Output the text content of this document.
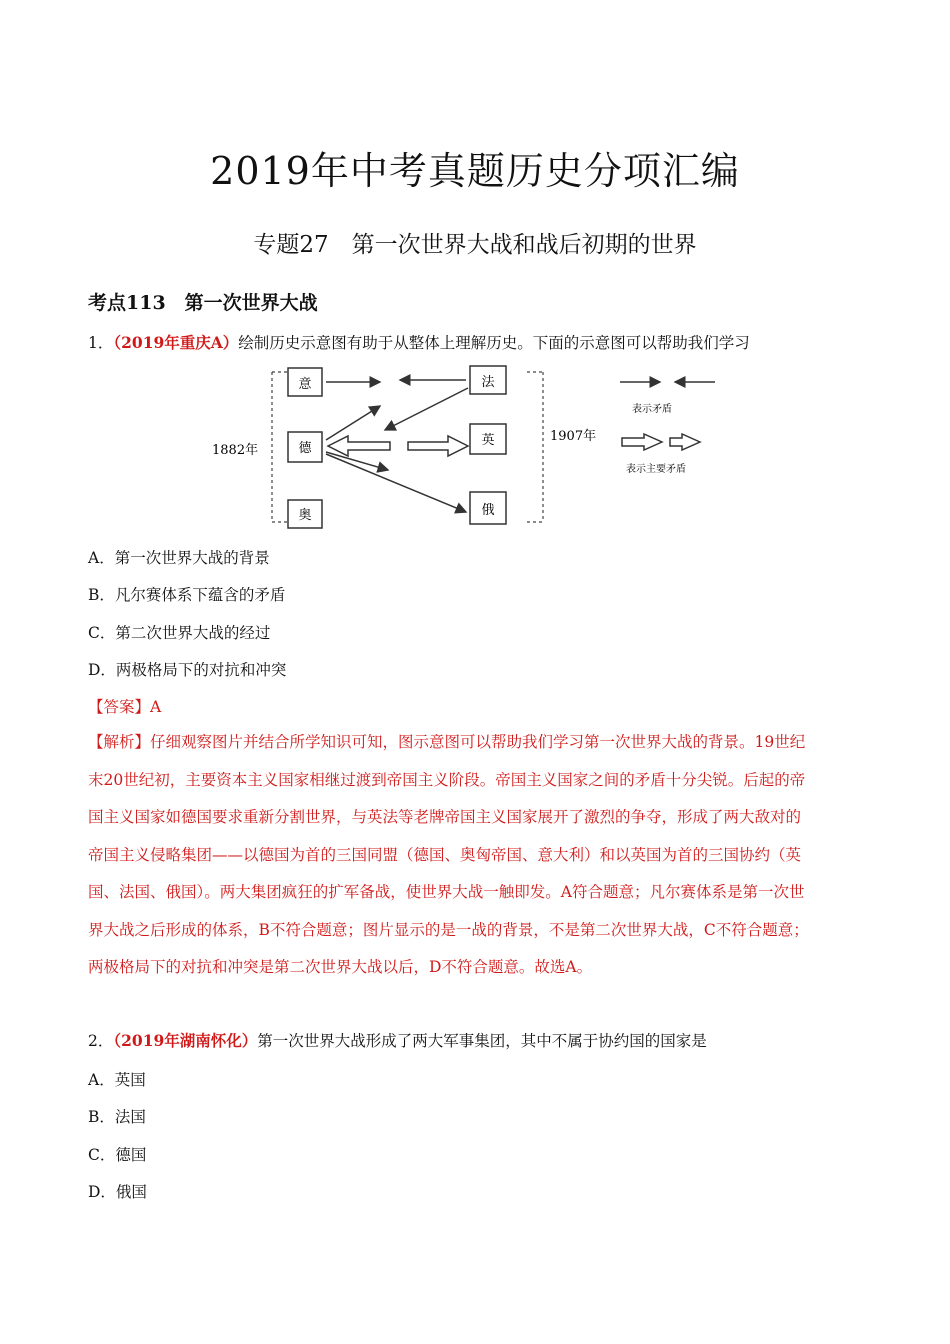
2019年中考真题历史分项汇编
专题27　第一次世界大战和战后初期的世界
考点113　第一次世界大战
1．（2019年重庆A）绘制历史示意图有助于从整体上理解历史。下面的示意图可以帮助我们学习
意
德
奥
法
英
俄
1882年
1907年
表示矛盾
表示主要矛盾
A．第一次世界大战的背景
B．凡尔赛体系下蕴含的矛盾
C．第二次世界大战的经过
D．两极格局下的对抗和冲突
【答案】A
【解析】仔细观察图片并结合所学知识可知，图示意图可以帮助我们学习第一次世界大战的背景。19世纪
末20世纪初，主要资本主义国家相继过渡到帝国主义阶段。帝国主义国家之间的矛盾十分尖锐。后起的帝
国主义国家如德国要求重新分割世界，与英法等老牌帝国主义国家展开了激烈的争夺，形成了两大敌对的
帝国主义侵略集团——以德国为首的三国同盟（德国、奥匈帝国、意大利）和以英国为首的三国协约（英
国、法国、俄国）。两大集团疯狂的扩军备战，使世界大战一触即发。A符合题意；凡尔赛体系是第一次世
界大战之后形成的体系，B不符合题意；图片显示的是一战的背景，不是第二次世界大战，C不符合题意；
两极格局下的对抗和冲突是第二次世界大战以后，D不符合题意。故选A。
2．（2019年湖南怀化）第一次世界大战形成了两大军事集团，其中不属于协约国的国家是
A．英国
B．法国
C．德国
D．俄国
